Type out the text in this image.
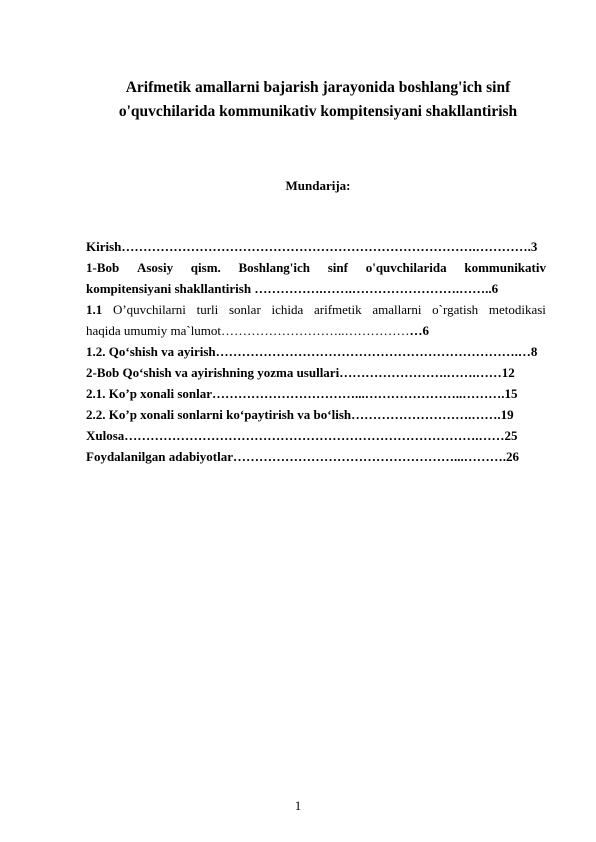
Arifmetik amallarni bajarish jarayonida boshlang'ich sinf
o'quvchilarida kommunikativ kompitensiyani shakllantirish
Mundarija:
Kirish……………………………………………………………………….………….3
1-Bob Asosiy qism. Boshlang'ich sinf o'quvchilarida kommunikativ
kompitensiyani shakllantirish …………….…….…………………….……..6
1.1 O’quvchilarni turli sonlar ichida arifmetik amallarni o`rgatish metodikasi
haqida umumiy ma`lumot………………………..………………6
1.2. Qo‘shish va ayirish…………………………………………………………….…8
2-Bob Qo‘shish va ayirishning yozma usullari…………………….…….……12
2.1. Ko’p xonali sonlar……………………………...…………………..……….15
2.2. Ko’p xonali sonlarni ko‘paytirish va bo‘lish……………………….…….19
Xulosa……………………………………………………………………….……25
Foydalanilgan adabiyotlar……………………………………………...……….26
1
